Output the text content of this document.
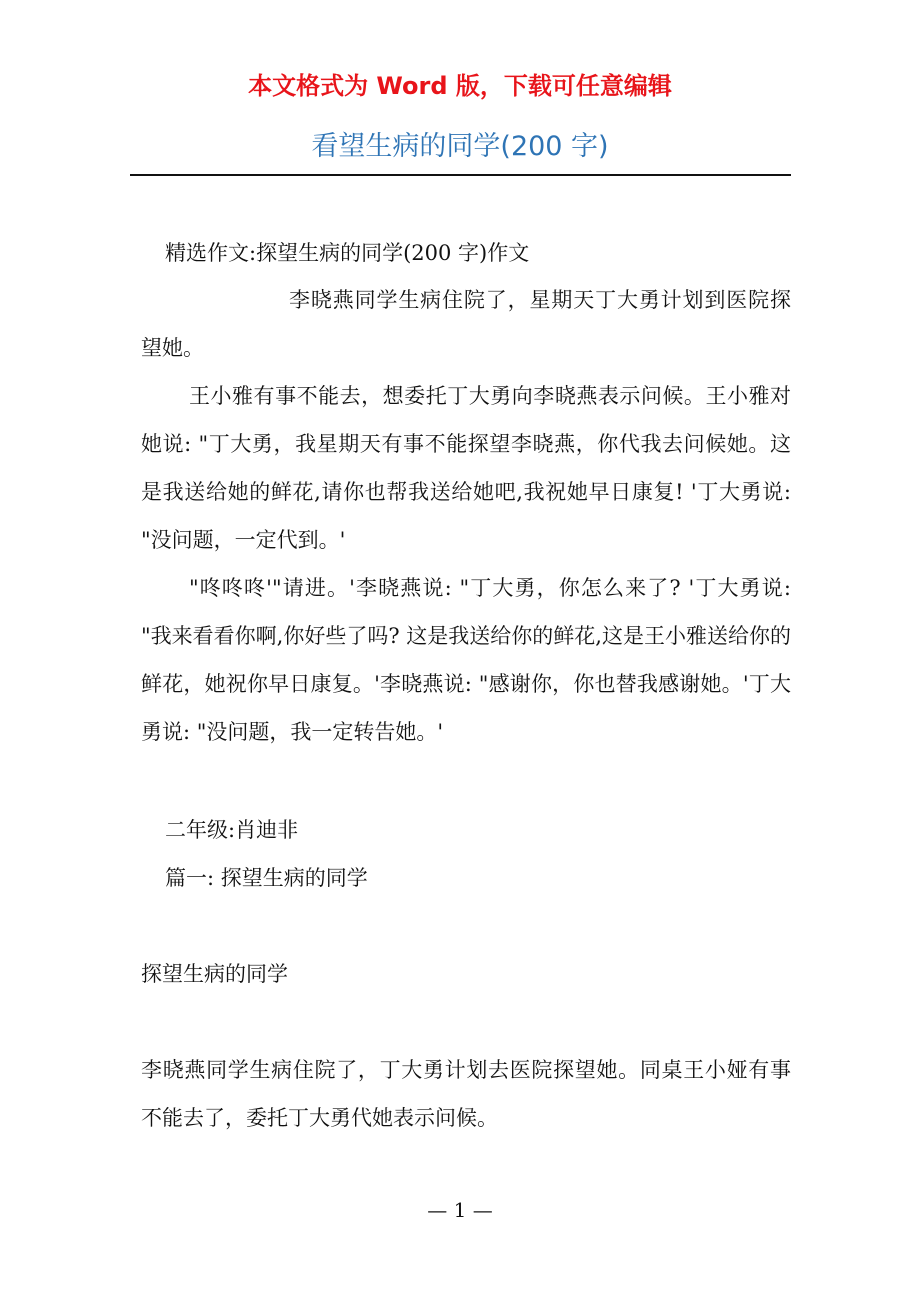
本文格式为 Word 版，下载可任意编辑
看望生病的同学(200 字)

精选作文:探望生病的同学(200 字)作文

李晓燕同学生病住院了，星期天丁大勇计划到医院探望她。

王小雅有事不能去，想委托丁大勇向李晓燕表示问候。王小雅对她说: "丁大勇，我星期天有事不能探望李晓燕，你代我去问候她。这是我送给她的鲜花,请你也帮我送给她吧,我祝她早日康复! '丁大勇说: "没问题，一定代到。'

"咚咚咚'"请进。'李晓燕说: "丁大勇，你怎么来了? '丁大勇说: "我来看看你啊,你好些了吗? 这是我送给你的鲜花,这是王小雅送给你的鲜花，她祝你早日康复。'李晓燕说: "感谢你，你也替我感谢她。'丁大勇说: "没问题，我一定转告她。'

二年级:肖迪非

篇一: 探望生病的同学

探望生病的同学

李晓燕同学生病住院了，丁大勇计划去医院探望她。同桌王小娅有事不能去了，委托丁大勇代她表示问候。

— 1 —
